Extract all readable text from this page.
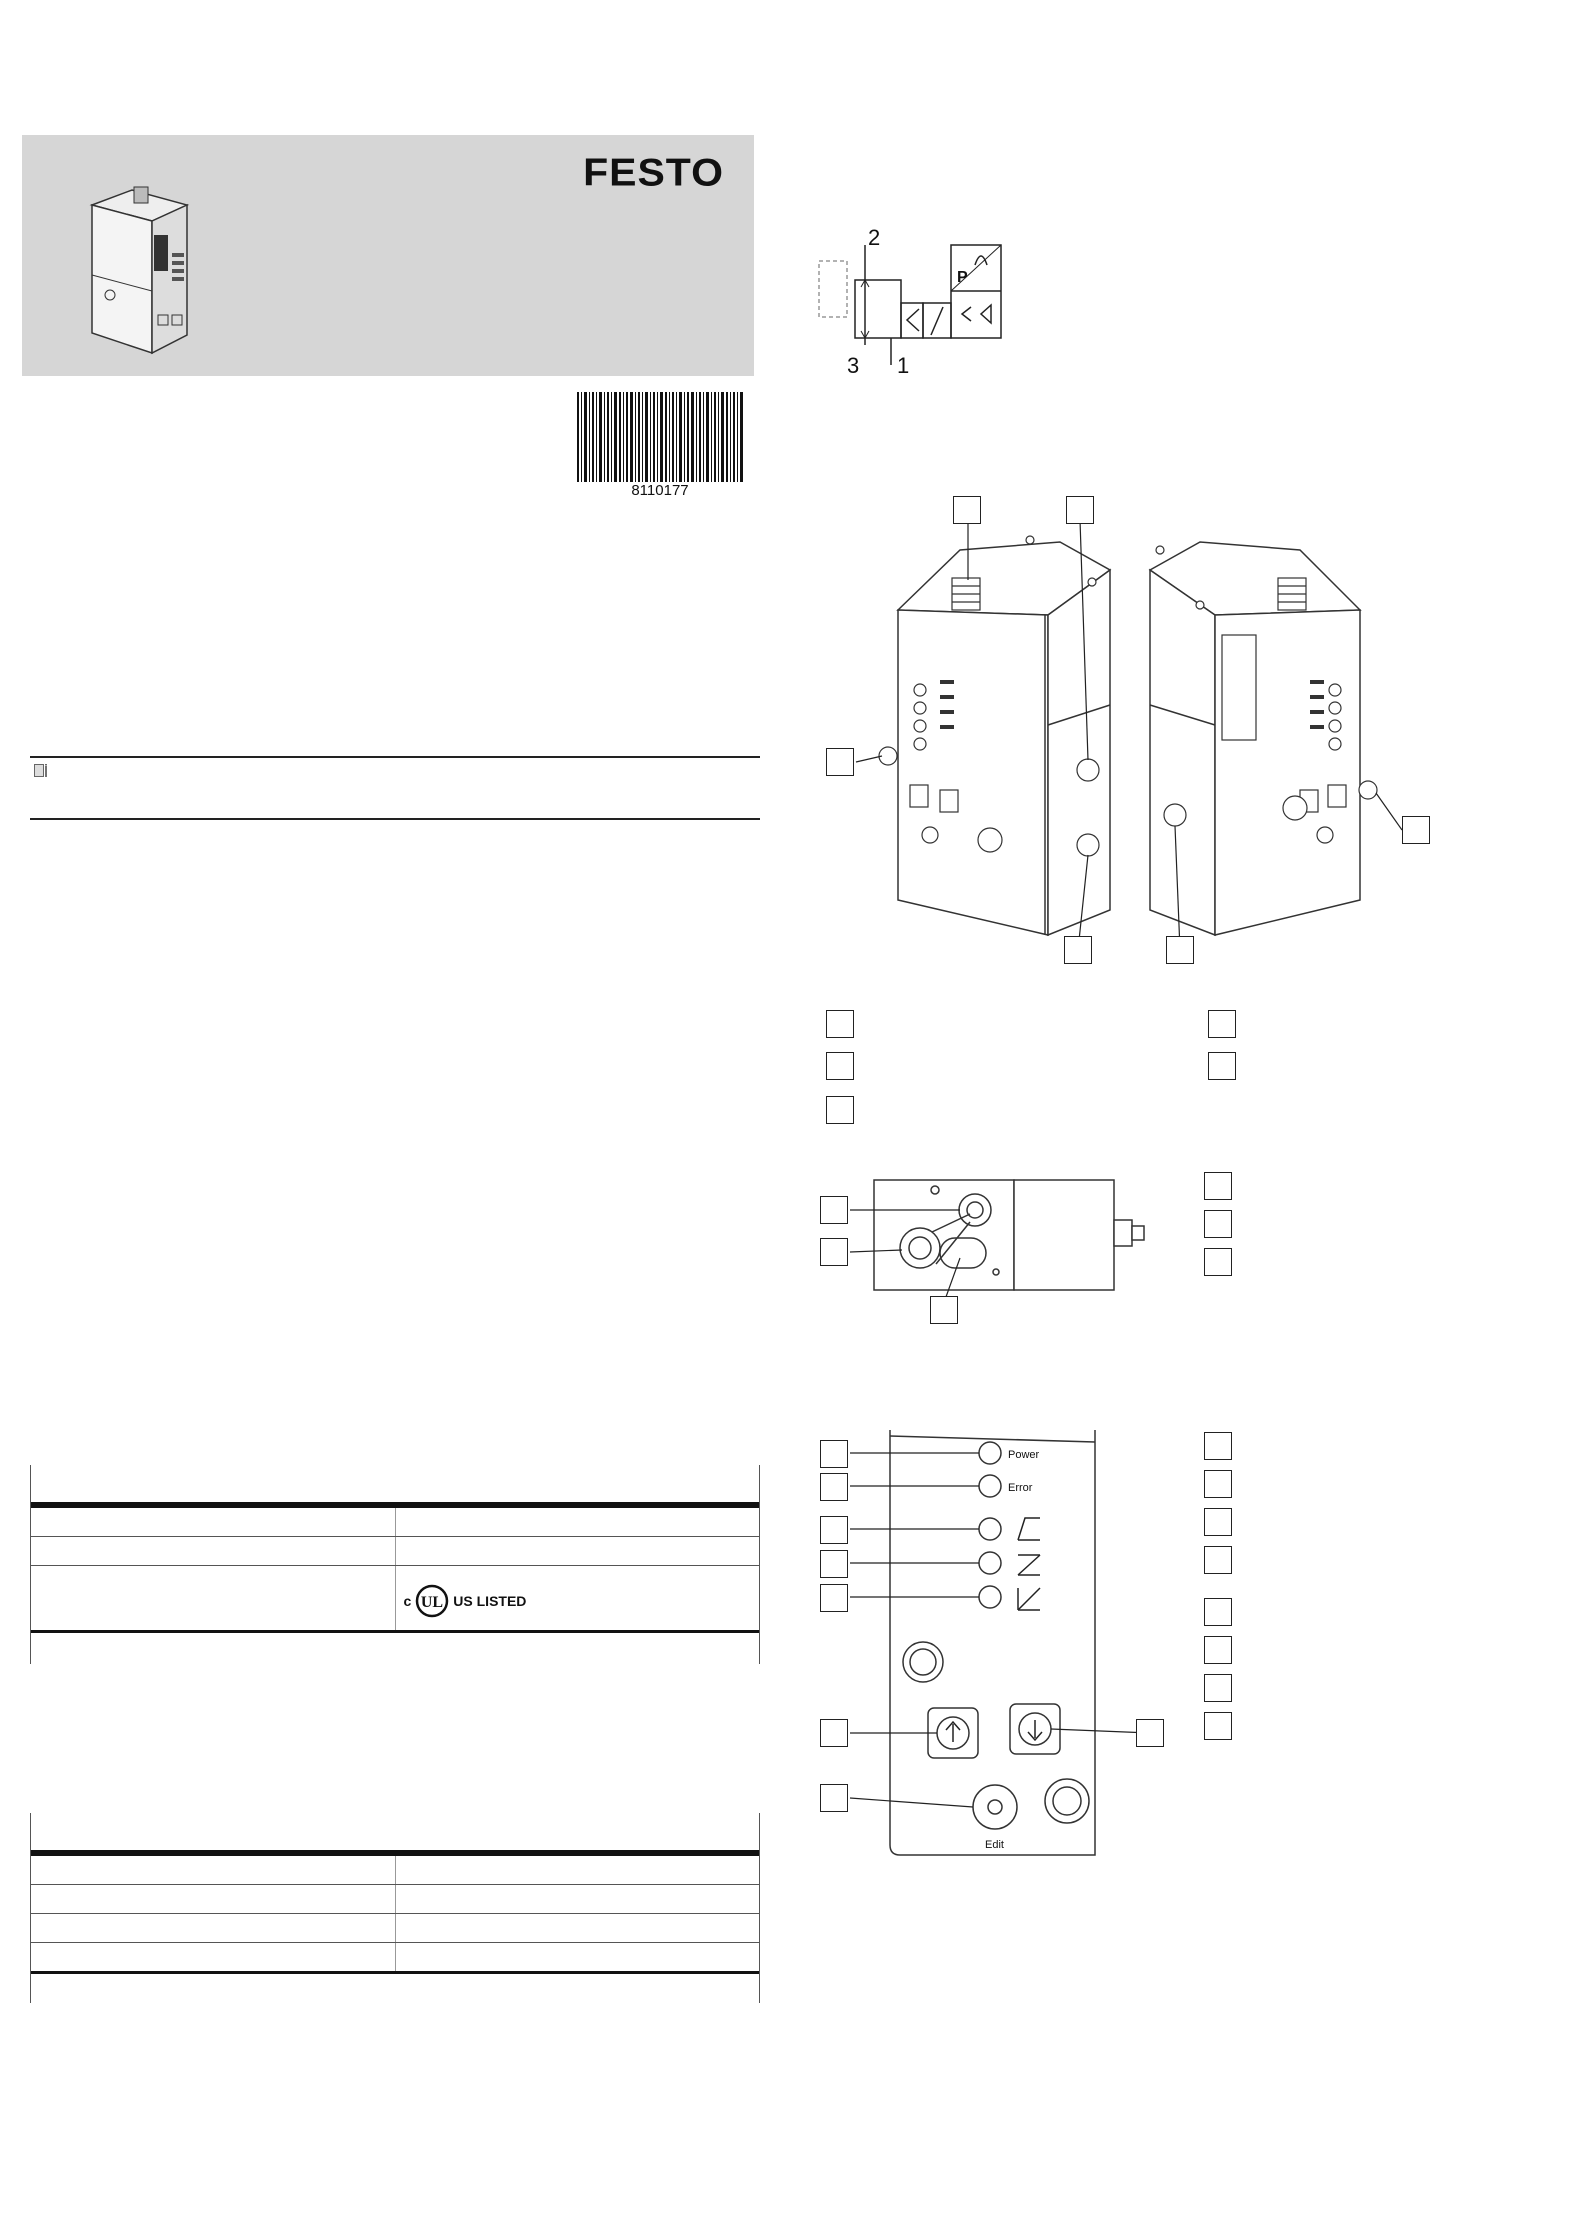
FESTO
8110177

	c UL US LISTED

P
2
3 1
Power
Error
Edit
